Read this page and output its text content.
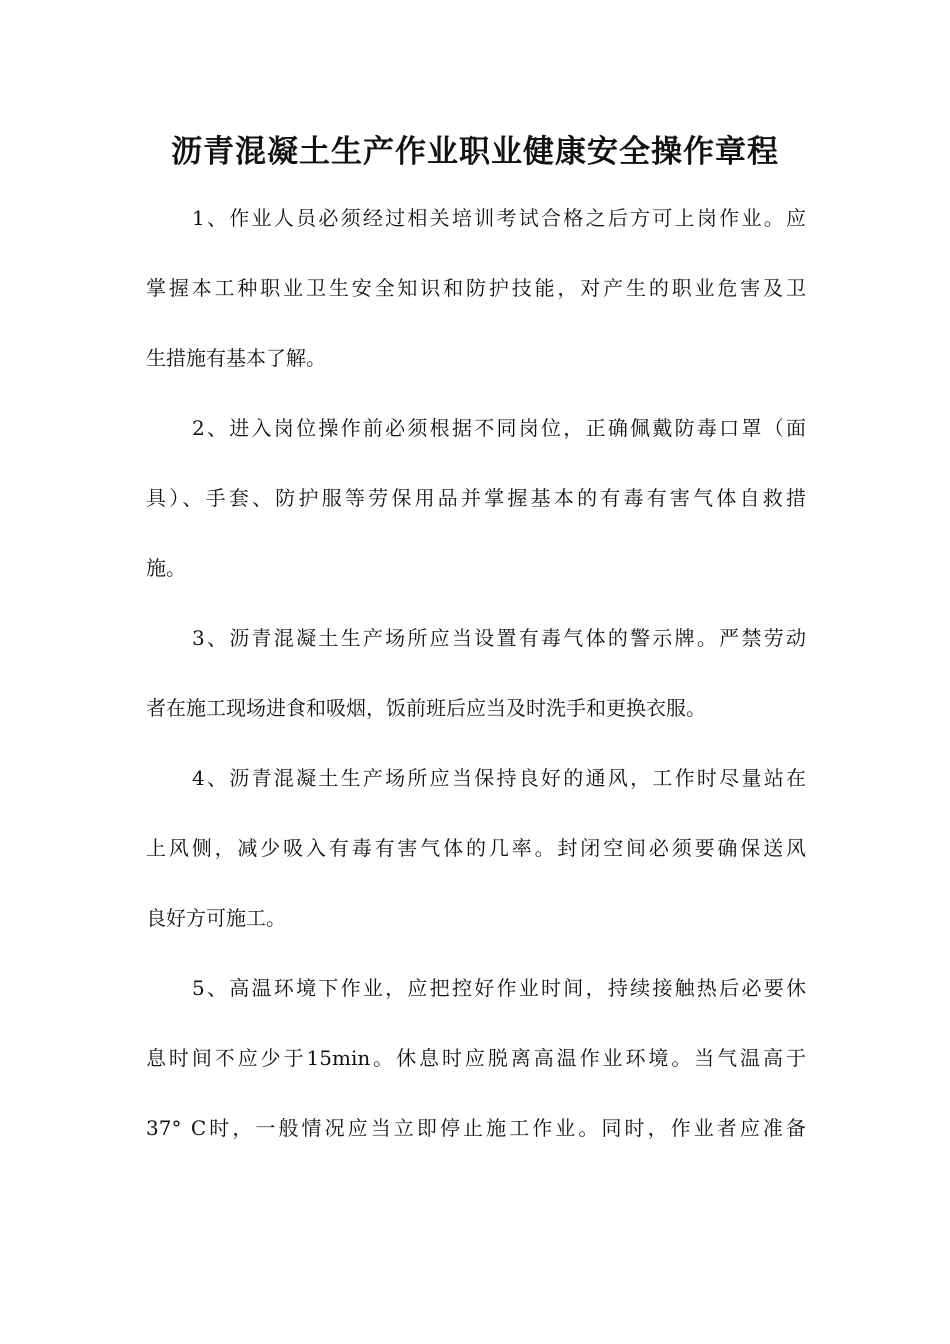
沥青混凝土生产作业职业健康安全操作章程
1、作业人员必须经过相关培训考试合格之后方可上岗作业。应
掌握本工种职业卫生安全知识和防护技能，对产生的职业危害及卫
生措施有基本了解。
2、进入岗位操作前必须根据不同岗位，正确佩戴防毒口罩（面
具）、手套、防护服等劳保用品并掌握基本的有毒有害气体自救措
施。
3、沥青混凝土生产场所应当设置有毒气体的警示牌。严禁劳动
者在施工现场进食和吸烟，饭前班后应当及时洗手和更换衣服。
4、沥青混凝土生产场所应当保持良好的通风，工作时尽量站在
上风侧，减少吸入有毒有害气体的几率。封闭空间必须要确保送风
良好方可施工。
5、高温环境下作业，应把控好作业时间，持续接触热后必要休
息时间不应少于15min。休息时应脱离高温作业环境。当气温高于
37° C时，一般情况应当立即停止施工作业。同时，作业者应准备
